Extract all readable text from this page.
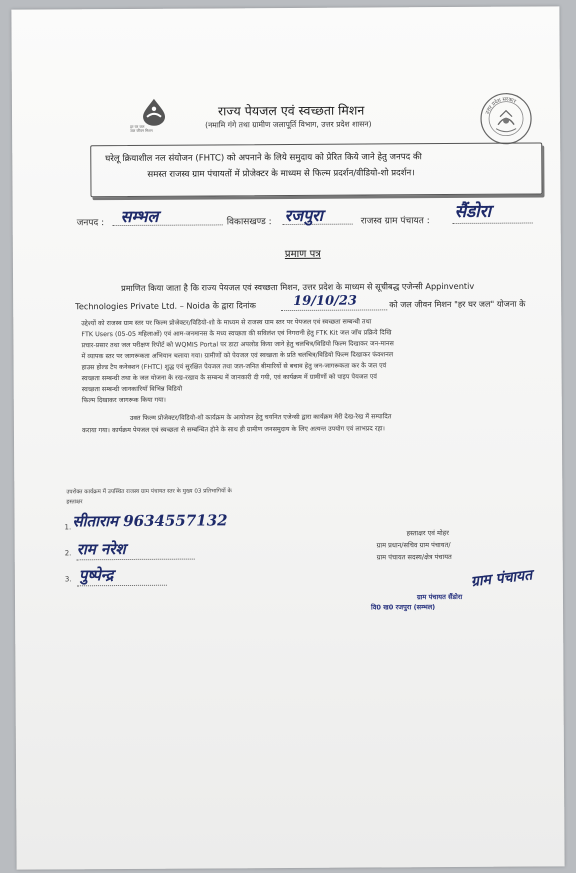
हर घर जल
जल जीवन मिशन
उत्तर प्रदेश सरकार
राज्य पेयजल एवं स्वच्छता मिशन
(नमामि गंगे तथा ग्रामीण जलापूर्ति विभाग, उत्तर प्रदेश शासन)
घरेलू क्रियाशील नल संयोजन (FHTC) को अपनाने के लिये समुदाय को प्रेरित किये जाने हेतु जनपद की
समस्त राजस्व ग्राम पंचायतों में प्रोजेक्टर के माध्यम से फिल्म प्रदर्शन/वीडियो-शो प्रदर्शन।
जनपद : सम्भल	विकासखण्ड : रजपुरा	राजस्व ग्राम पंचायत : सैंडोरा
प्रमाण पत्र
प्रमाणित किया जाता है कि राज्य पेयजल एवं स्वच्छता मिशन, उत्तर प्रदेश के माध्यम से सूचीबद्ध एजेन्सी Appinventiv
Technologies Private Ltd. – Noida के द्वारा दिनांक	19/10/23	को जल जीवन मिशन "हर घर जल" योजना के
उद्देश्यों को राजस्व ग्राम स्तर पर फिल्म प्रोजेक्टर/विडियो-शो के माध्यम से राजस्व ग्राम स्तर पर पेयजल एवं स्वच्छता सम्बन्धी तथा
FTK Users (05-05 महिलाओं) एवं आम-जनमानस के मध्य स्वच्छता की सविलंश एवं निगरानी हेतु FTK Kit जल जाँच प्रक्रिये दिखि
प्रचार-प्रसार तथा जल परीक्षण रिपोर्ट को WQMIS Portal पर डाटा अपलोड किया जाने हेतु चलचित्र/विडियो फिल्म दिखाकर जन-मानस
में व्यापक स्तर पर जागरूकता अभियान चलाया गया। ग्रामीणों को पेयजल एवं स्वच्छता के प्रति चलचित्र/विडियो फिल्म दिखाकर फंक्शनल
हाउस होल्ड टैप कनेक्शन (FHTC) शुद्ध एवं सुरक्षित पेयजल तथा जल-जनित बीमारियों से बचाव हेतु जन-जागरूकता कर के जल एवं
स्वच्छता सम्बन्धी तथा के जल योजना के रख-रखाव के सम्बन्ध में जानकारी दी गयी, एवं कार्यक्रम में ग्रामीणों को पाइप पेयजल एवं
स्वच्छता सम्बन्धी जानकारियाँ विभिन्न विडियो
फिल्म दिखाकर जागरूक किया गया।
उक्त फिल्म प्रोजेक्टर/विडियो-शो कार्यक्रम के आयोजन हेतु चयनित एजेन्सी द्वारा कार्यक्रम मेरी देख-रेख में सम्पादित
कराया गया। कार्यक्रम पेयजल एवं स्वच्छता से सम्बन्धित होने के साथ ही ग्रामीण जनसमुदाय के लिए अत्यन्त उपयोग एवं लाभप्रद रहा।
उपरोक्त कार्यक्रम में उपस्थित राजस्व ग्राम पंचायत स्तर के मुख्य 03 प्रतिभागियों के
हस्ताक्षर
1. सीताराम 9634557132
2. राम नरेश
3. पुष्पेन्द्र
हस्ताक्षर एवं मोहर
ग्राम प्रधान/सचिव ग्राम पंचायत/
ग्राम पंचायत सदस्य/क्षेत्र पंचायत
ग्राम पंचायत
ग्राम पंचायत सैंडोरा
वि0 ख0 रजपुरा (सम्भल)
